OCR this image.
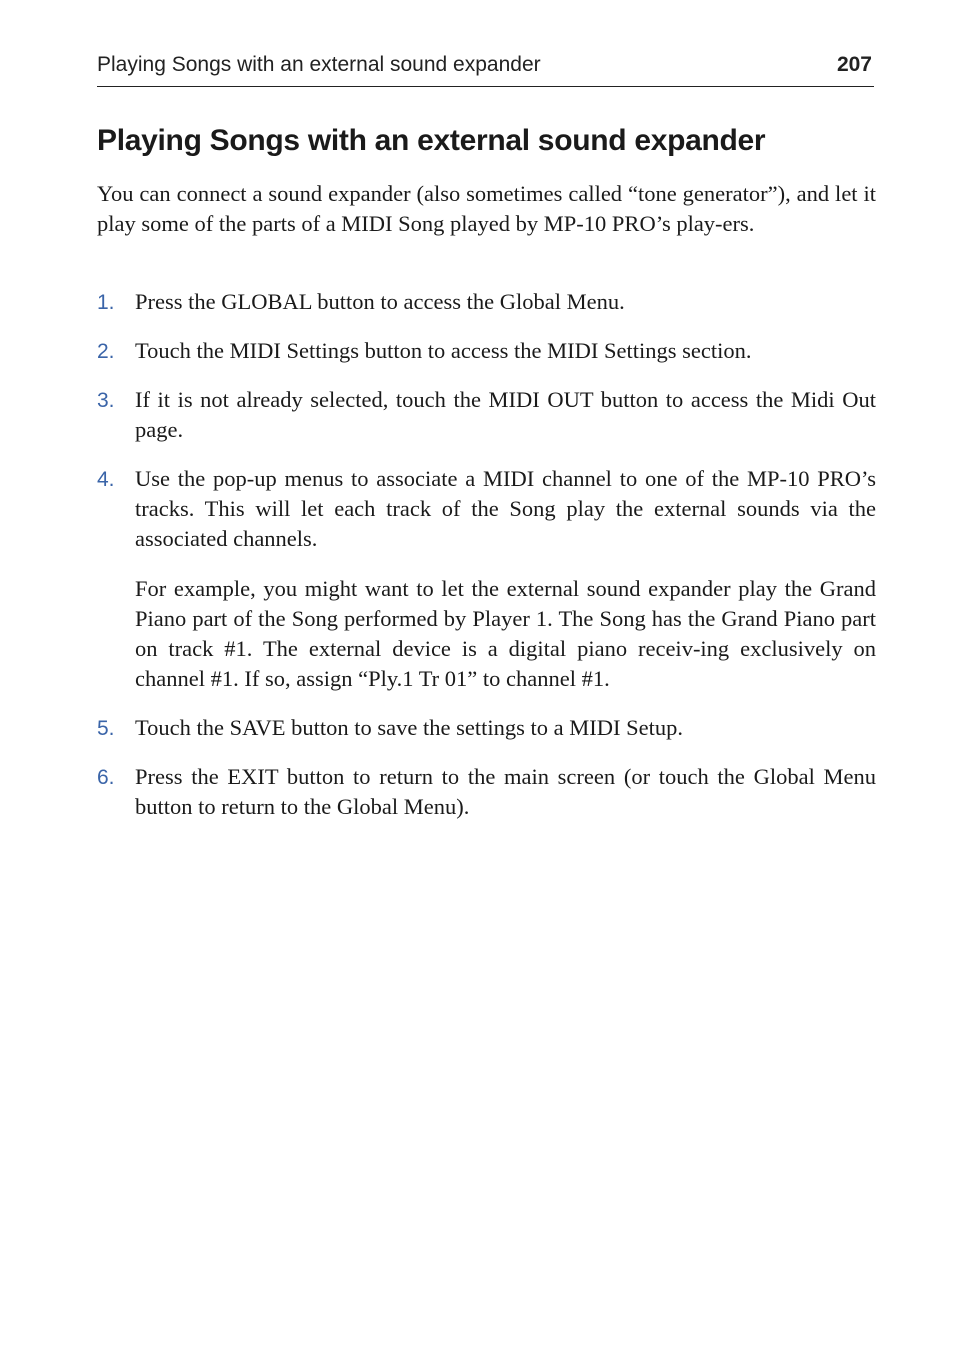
Playing Songs with an external sound expander	207
Playing Songs with an external sound expander

You can connect a sound expander (also sometimes called “tone generator”), and let it play some of the parts of a MIDI Song played by MP-10 PRO’s play-ers.

1. Press the GLOBAL button to access the Global Menu.
2. Touch the MIDI Settings button to access the MIDI Settings section.
3. If it is not already selected, touch the MIDI OUT button to access the Midi Out page.
4. Use the pop-up menus to associate a MIDI channel to one of the MP-10 PRO’s tracks. This will let each track of the Song play the external sounds via the associated channels.
For example, you might want to let the external sound expander play the Grand Piano part of the Song performed by Player 1. The Song has the Grand Piano part on track #1. The external device is a digital piano receiv-ing exclusively on channel #1. If so, assign “Ply.1 Tr 01” to channel #1.
5. Touch the SAVE button to save the settings to a MIDI Setup.
6. Press the EXIT button to return to the main screen (or touch the Global Menu button to return to the Global Menu).
